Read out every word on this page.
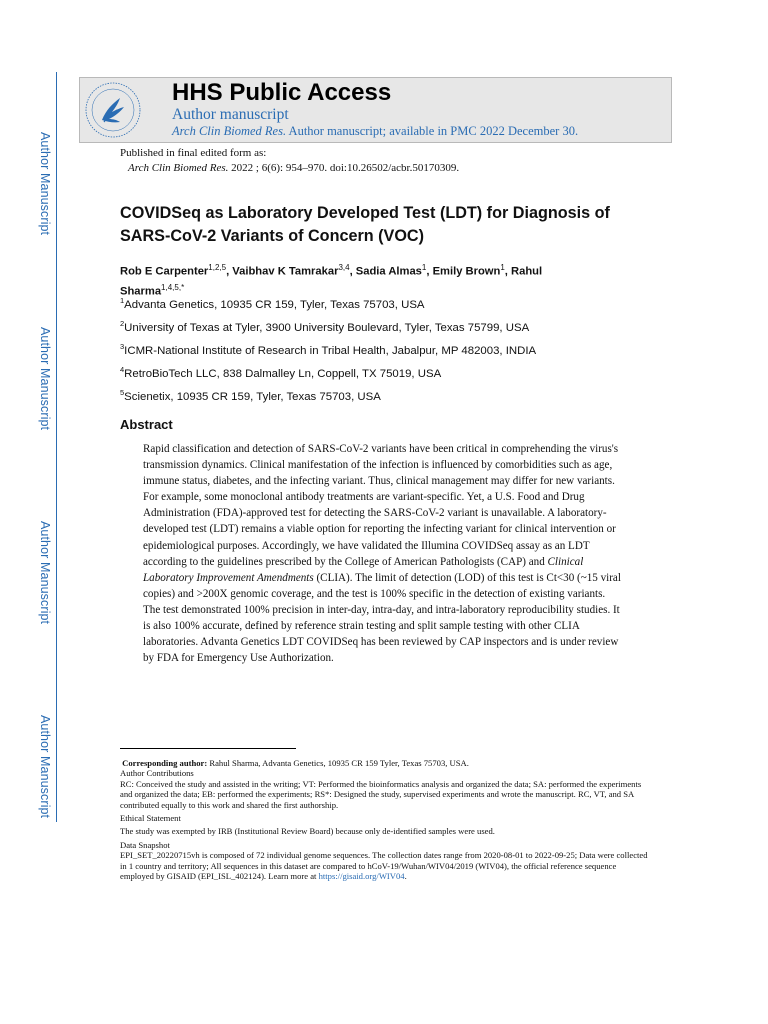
Author Manuscript
Author Manuscript
Author Manuscript
Author Manuscript
HHS Public Access
Author manuscript
Arch Clin Biomed Res. Author manuscript; available in PMC 2022 December 30.
Published in final edited form as:
Arch Clin Biomed Res. 2022 ; 6(6): 954–970. doi:10.26502/acbr.50170309.
COVIDSeq as Laboratory Developed Test (LDT) for Diagnosis of SARS-CoV-2 Variants of Concern (VOC)
Rob E Carpenter$^{1,2,5}$, Vaibhav K Tamrakar$^{3,4}$, Sadia Almas$^1$, Emily Brown$^1$, Rahul Sharma$^{1,4,5,*}$
$^1$Advanta Genetics, 10935 CR 159, Tyler, Texas 75703, USA
$^2$University of Texas at Tyler, 3900 University Boulevard, Tyler, Texas 75799, USA
$^3$ICMR-National Institute of Research in Tribal Health, Jabalpur, MP 482003, INDIA
$^4$RetroBioTech LLC, 838 Dalmalley Ln, Coppell, TX 75019, USA
$^5$Scienetix, 10935 CR 159, Tyler, Texas 75703, USA
Abstract
Rapid classification and detection of SARS-CoV-2 variants have been critical in comprehending the virus's transmission dynamics. Clinical manifestation of the infection is influenced by comorbidities such as age, immune status, diabetes, and the infecting variant. Thus, clinical management may differ for new variants. For example, some monoclonal antibody treatments are variant-specific. Yet, a U.S. Food and Drug Administration (FDA)-approved test for detecting the SARS-CoV-2 variant is unavailable. A laboratory-developed test (LDT) remains a viable option for reporting the infecting variant for clinical intervention or epidemiological purposes. Accordingly, we have validated the Illumina COVIDSeq assay as an LDT according to the guidelines prescribed by the College of American Pathologists (CAP) and Clinical Laboratory Improvement Amendments (CLIA). The limit of detection (LOD) of this test is Ct<30 (~15 viral copies) and >200X genomic coverage, and the test is 100% specific in the detection of existing variants. The test demonstrated 100% precision in inter-day, intra-day, and intra-laboratory reproducibility studies. It is also 100% accurate, defined by reference strain testing and split sample testing with other CLIA laboratories. Advanta Genetics LDT COVIDSeq has been reviewed by CAP inspectors and is under review by FDA for Emergency Use Authorization.

Corresponding author: Rahul Sharma, Advanta Genetics, 10935 CR 159 Tyler, Texas 75703, USA.

Author Contributions

RC: Conceived the study and assisted in the writing; VT: Performed the bioinformatics analysis and organized the data; SA: performed the experiments and organized the data; EB: performed the experiments; RS*: Designed the study, supervised experiments and wrote the manuscript. RC, VT, and SA contributed equally to this work and shared the first authorship.

Ethical Statement

The study was exempted by IRB (Institutional Review Board) because only de-identified samples were used.

Data Snapshot

EPI_SET_20220715vh is composed of 72 individual genome sequences. The collection dates range from 2020-08-01 to 2022-09-25; Data were collected in 1 country and territory; All sequences in this dataset are compared to hCoV-19/Wuhan/WIV04/2019 (WIV04), the official reference sequence employed by GISAID (EPI_ISL_402124). Learn more at https://gisaid.org/WIV04.
